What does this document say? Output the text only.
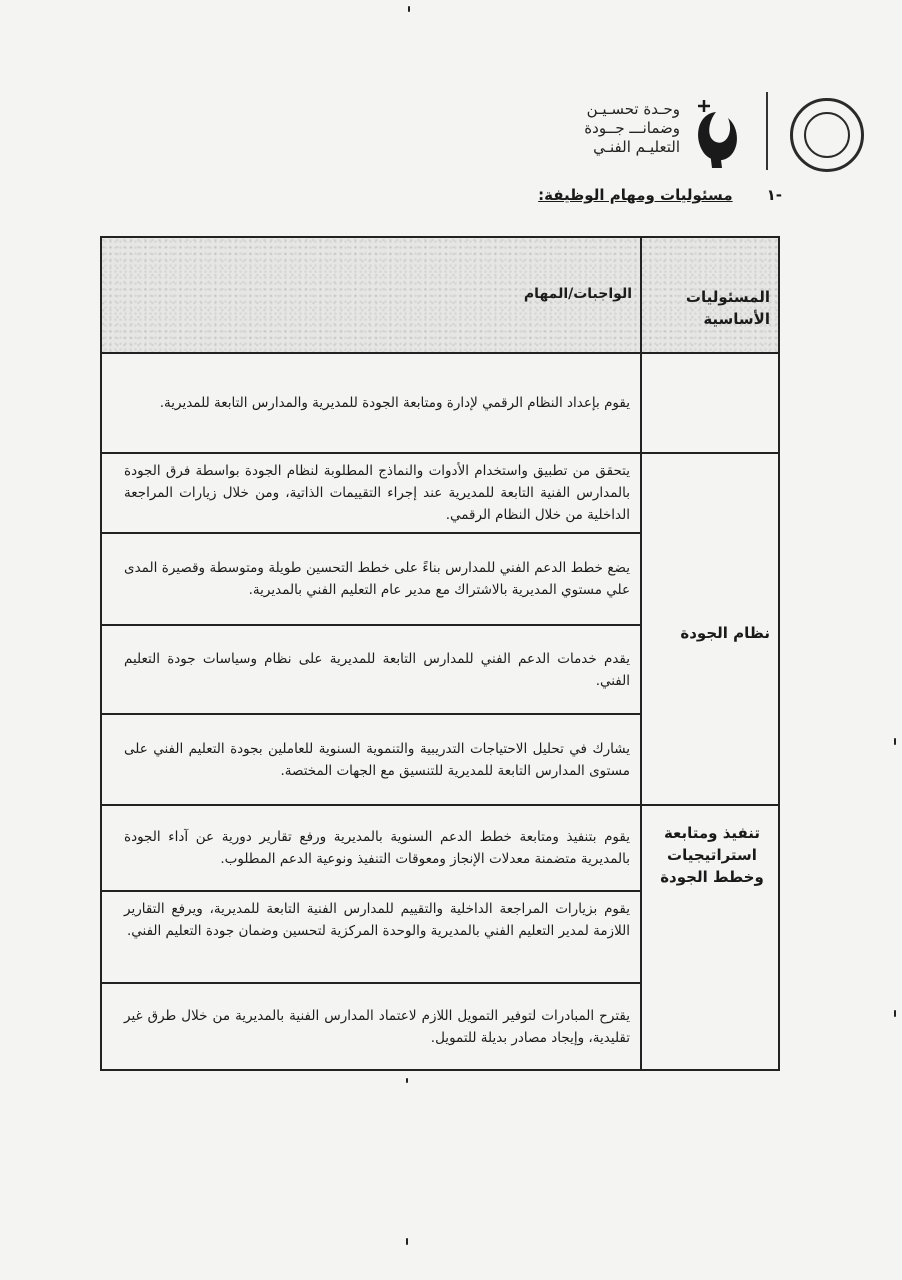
وحـدة تحسـيـن
وضمانـــ جــودة
التعليـم الفنـي
-١
مسئوليات ومهام الوظيفة:
الواجبات/المهام	المسئوليات الأساسية
يقوم بإعداد النظام الرقمي لإدارة ومتابعة الجودة للمديرية والمدارس التابعة للمديرية.
يتحقق من تطبيق واستخدام الأدوات والنماذج المطلوبة لنظام الجودة بواسطة فرق الجودة بالمدارس الفنية التابعة للمديرية عند إجراء التقييمات الذاتية، ومن خلال زيارات المراجعة الداخلية من خلال النظام الرقمي.
يضع خطط الدعم الفني للمدارس بناءً على خطط التحسين طويلة ومتوسطة وقصيرة المدى علي مستوي المديرية بالاشتراك مع مدير عام التعليم الفني بالمديرية.
يقدم خدمات الدعم الفني للمدارس التابعة للمديرية على نظام وسياسات جودة التعليم الفني.
يشارك في تحليل الاحتياجات التدريبية والتنموية السنوية للعاملين بجودة التعليم الفني على مستوى المدارس التابعة للمديرية للتنسيق مع الجهات المختصة.
يقوم بتنفيذ ومتابعة خطط الدعم السنوية بالمديرية ورفع تقارير دورية عن آداء الجودة بالمديرية متضمنة معدلات الإنجاز ومعوقات التنفيذ ونوعية الدعم المطلوب.
يقوم بزيارات المراجعة الداخلية والتقييم للمدارس الفنية التابعة للمديرية، ويرفع التقارير اللازمة لمدير التعليم الفني بالمديرية والوحدة المركزية لتحسين وضمان جودة التعليم الفني.
يقترح المبادرات لتوفير التمويل اللازم لاعتماد المدارس الفنية بالمديرية من خلال طرق غير تقليدية، وإيجاد مصادر بديلة للتمويل.
نظام الجودة
تنفيذ ومتابعة استراتيجيات وخطط الجودة
